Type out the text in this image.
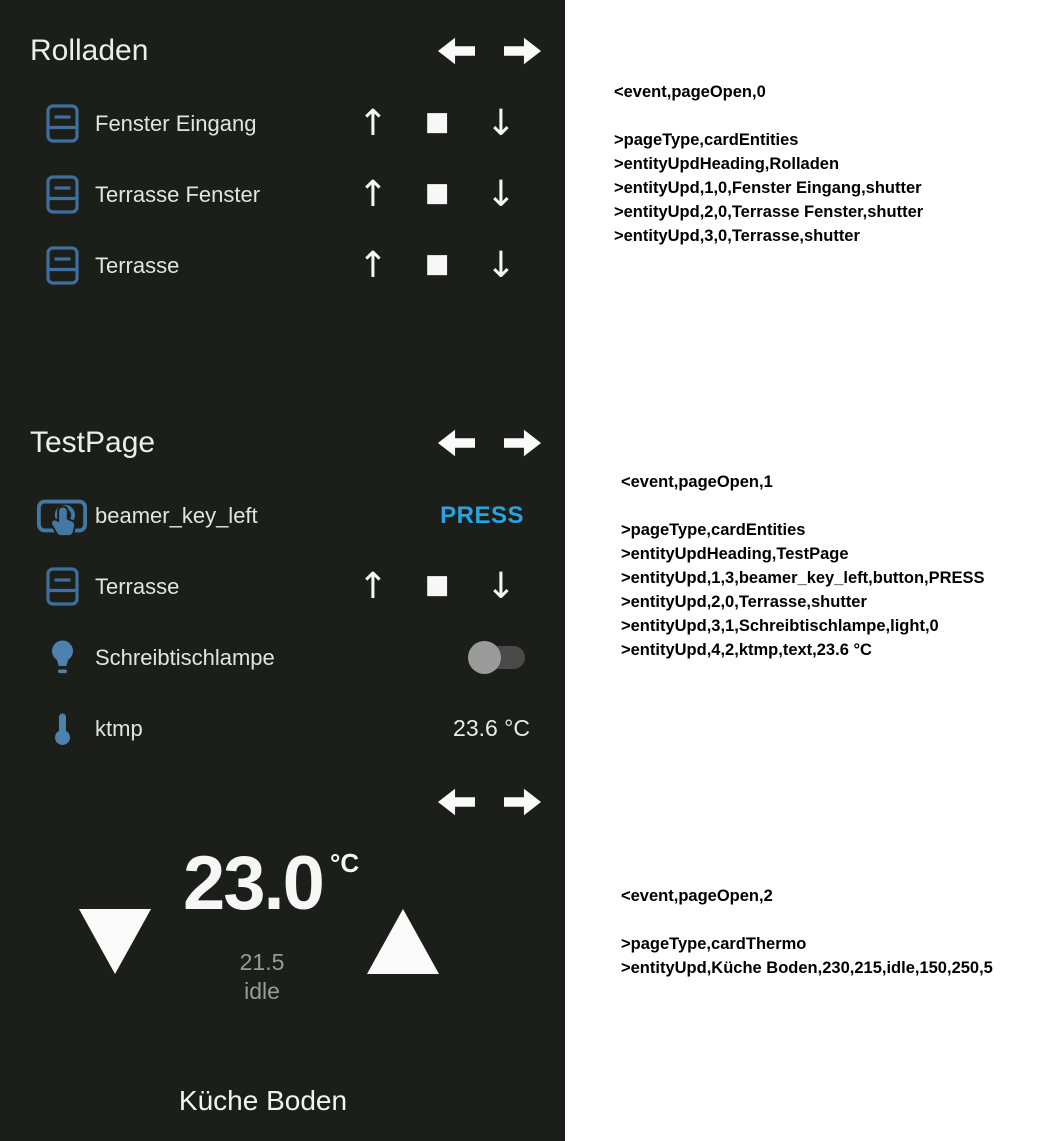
Rolladen
Fenster Eingang	↑	■	↓
Terrasse Fenster	↑	■	↓
Terrasse	↑	■	↓
TestPage
beamer_key_left	PRESS
Terrasse	↑	■	↓
Schreibtischlampe
ktmp	23.6 °C
23.0 °C
21.5
idle
Küche Boden
<event,pageOpen,0
>pageType,cardEntities
>entityUpdHeading,Rolladen
>entityUpd,1,0,Fenster Eingang,shutter
>entityUpd,2,0,Terrasse Fenster,shutter
>entityUpd,3,0,Terrasse,shutter
<event,pageOpen,1
>pageType,cardEntities
>entityUpdHeading,TestPage
>entityUpd,1,3,beamer_key_left,button,PRESS
>entityUpd,2,0,Terrasse,shutter
>entityUpd,3,1,Schreibtischlampe,light,0
>entityUpd,4,2,ktmp,text,23.6 °C
<event,pageOpen,2
>pageType,cardThermo
>entityUpd,Küche Boden,230,215,idle,150,250,5
